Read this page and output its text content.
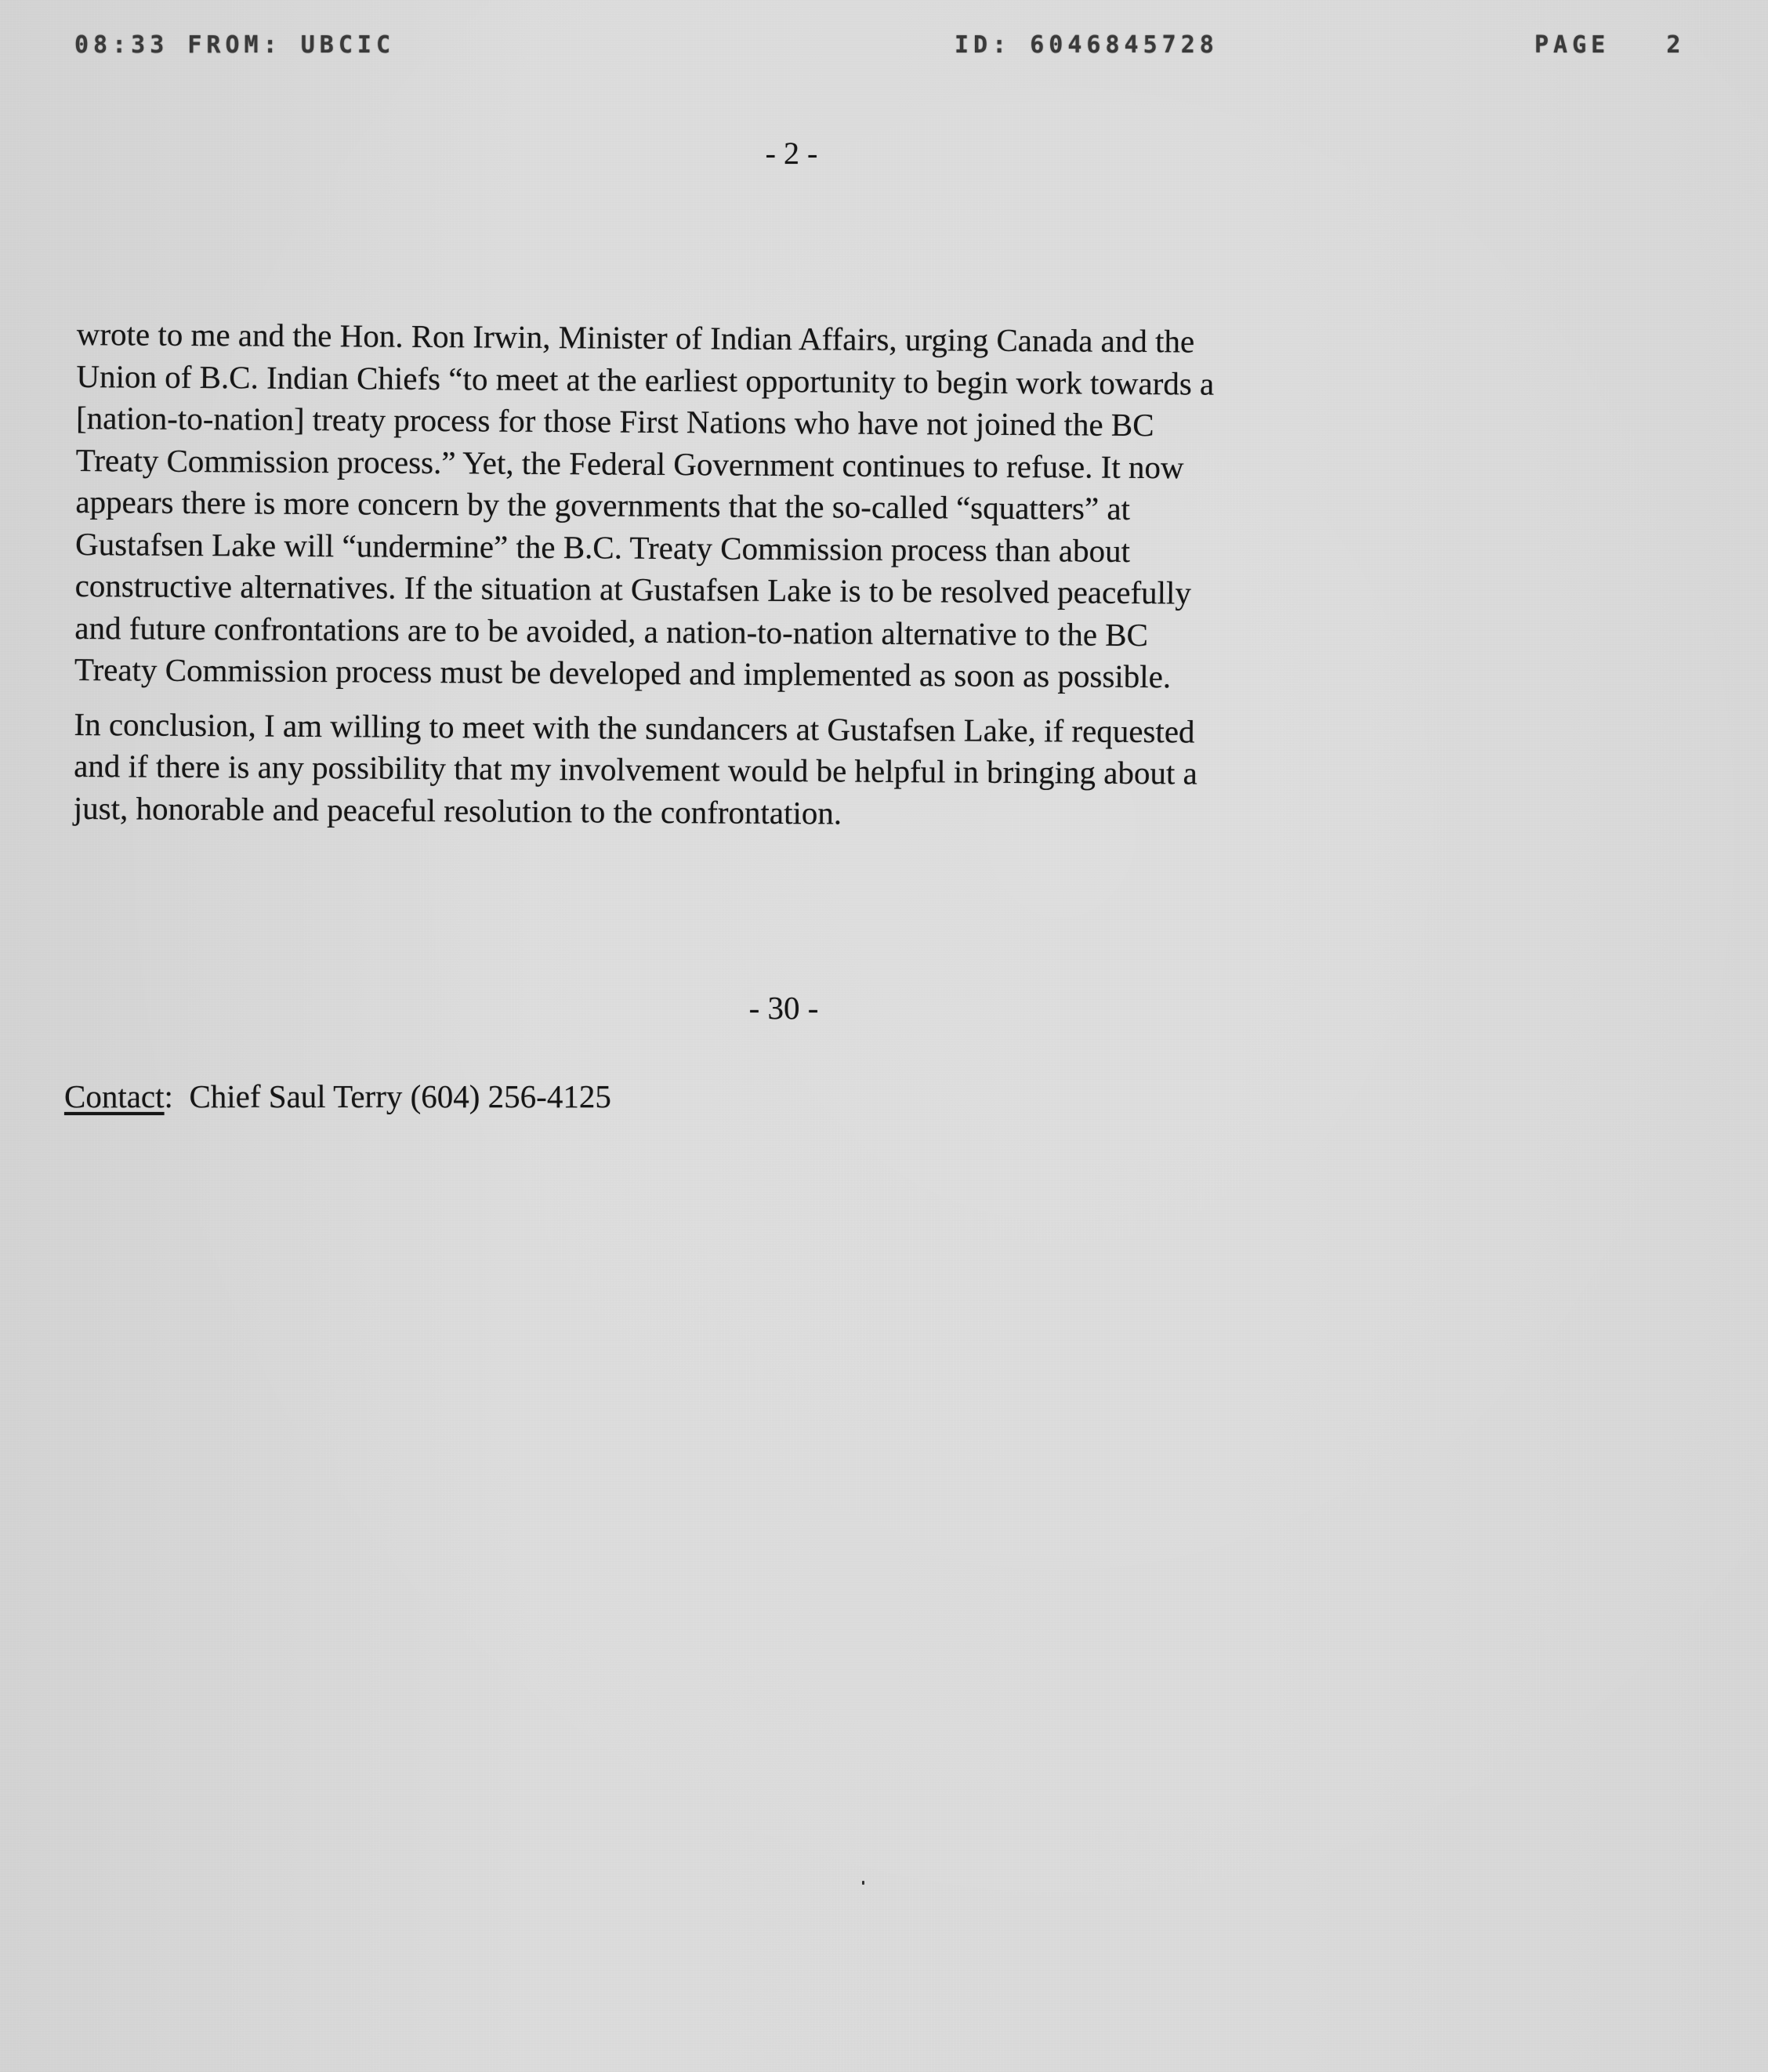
08:33 FROM: UBCIC	ID: 6046845728	PAGE   2
- 2 -

wrote to me and the Hon. Ron Irwin, Minister of Indian Affairs, urging Canada and the
Union of B.C. Indian Chiefs “to meet at the earliest opportunity to begin work towards a
[nation-to-nation] treaty process for those First Nations who have not joined the BC
Treaty Commission process.” Yet, the Federal Government continues to refuse. It now
appears there is more concern by the governments that the so-called “squatters” at
Gustafsen Lake will “undermine” the B.C. Treaty Commission process than about
constructive alternatives. If the situation at Gustafsen Lake is to be resolved peacefully
and future confrontations are to be avoided, a nation-to-nation alternative to the BC
Treaty Commission process must be developed and implemented as soon as possible.

In conclusion, I am willing to meet with the sundancers at Gustafsen Lake, if requested
and if there is any possibility that my involvement would be helpful in bringing about a
just, honorable and peaceful resolution to the confrontation.

- 30 -
Contact: Chief Saul Terry (604) 256-4125
